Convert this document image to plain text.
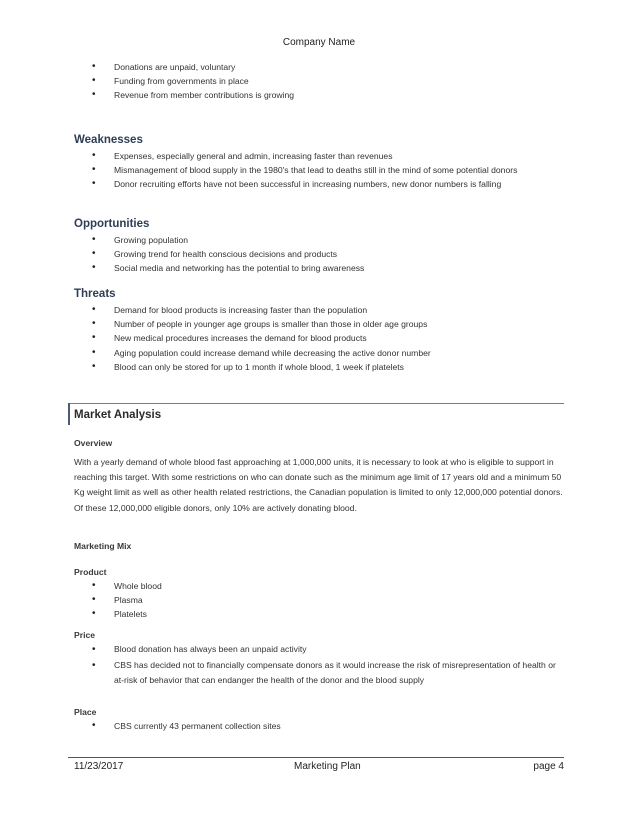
Company Name
• Donations are unpaid, voluntary
• Funding from governments in place
• Revenue from member contributions is growing

Weaknesses

• Expenses, especially general and admin, increasing faster than revenues
• Mismanagement of blood supply in the 1980's that lead to deaths still in the mind of some potential donors
• Donor recruiting efforts have not been successful in increasing numbers, new donor numbers is falling

Opportunities

• Growing population
• Growing trend for health conscious decisions and products
• Social media and networking has the potential to bring awareness

Threats

• Demand for blood products is increasing faster than the population
• Number of people in younger age groups is smaller than those in older age groups
• New medical procedures increases the demand for blood products
• Aging population could increase demand while decreasing the active donor number
• Blood can only be stored for up to 1 month if whole blood, 1 week if platelets
Market Analysis
Overview

With a yearly demand of whole blood fast approaching at 1,000,000 units, it is necessary to look at who is eligible to support in reaching this target. With some restrictions on who can donate such as the minimum age limit of 17 years old and a minimum 50 Kg weight limit as well as other health related restrictions, the Canadian population is limited to only 12,000,000 potential donors. Of these 12,000,000 eligible donors, only 10% are actively donating blood.

Marketing Mix
Product
• Whole blood
• Plasma
• Platelets
Price
• Blood donation has always been an unpaid activity
• CBS has decided not to financially compensate donors as it would increase the risk of misrepresentation of health or at-risk of behavior that can endanger the health of the donor and the blood supply
Place
• CBS currently 43 permanent collection sites
11/23/2017	Marketing Plan	page 4
